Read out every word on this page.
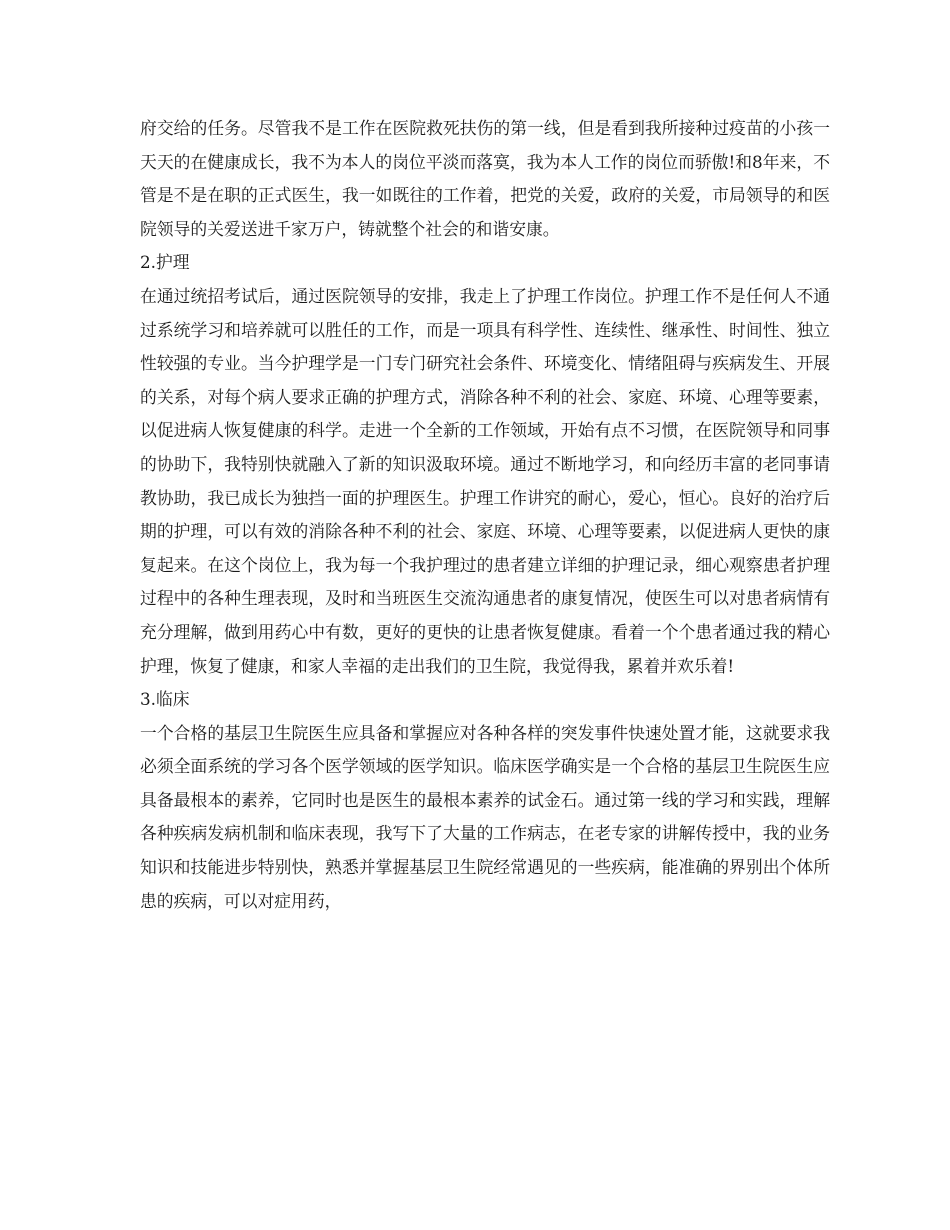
府交给的任务。尽管我不是工作在医院救死扶伤的第一线，但是看到我所接种过疫苗的小孩一天天的在健康成长，我不为本人的岗位平淡而落寞，我为本人工作的岗位而骄傲!和8年来，不管是不是在职的正式医生，我一如既往的工作着，把党的关爱，政府的关爱，市局领导的和医院领导的关爱送进千家万户，铸就整个社会的和谐安康。

2.护理

在通过统招考试后，通过医院领导的安排，我走上了护理工作岗位。护理工作不是任何人不通过系统学习和培养就可以胜任的工作，而是一项具有科学性、连续性、继承性、时间性、独立性较强的专业。当今护理学是一门专门研究社会条件、环境变化、情绪阻碍与疾病发生、开展的关系，对每个病人要求正确的护理方式，消除各种不利的社会、家庭、环境、心理等要素，以促进病人恢复健康的科学。走进一个全新的工作领域，开始有点不习惯，在医院领导和同事的协助下，我特别快就融入了新的知识汲取环境。通过不断地学习，和向经历丰富的老同事请教协助，我已成长为独挡一面的护理医生。护理工作讲究的耐心，爱心，恒心。良好的治疗后期的护理，可以有效的消除各种不利的社会、家庭、环境、心理等要素，以促进病人更快的康复起来。在这个岗位上，我为每一个我护理过的患者建立详细的护理记录，细心观察患者护理过程中的各种生理表现，及时和当班医生交流沟通患者的康复情况，使医生可以对患者病情有充分理解，做到用药心中有数，更好的更快的让患者恢复健康。看着一个个患者通过我的精心护理，恢复了健康，和家人幸福的走出我们的卫生院，我觉得我，累着并欢乐着!

3.临床

一个合格的基层卫生院医生应具备和掌握应对各种各样的突发事件快速处置才能，这就要求我必须全面系统的学习各个医学领域的医学知识。临床医学确实是一个合格的基层卫生院医生应具备最根本的素养，它同时也是医生的最根本素养的试金石。通过第一线的学习和实践，理解各种疾病发病机制和临床表现，我写下了大量的工作病志，在老专家的讲解传授中，我的业务知识和技能进步特别快，熟悉并掌握基层卫生院经常遇见的一些疾病，能准确的界别出个体所患的疾病，可以对症用药，
